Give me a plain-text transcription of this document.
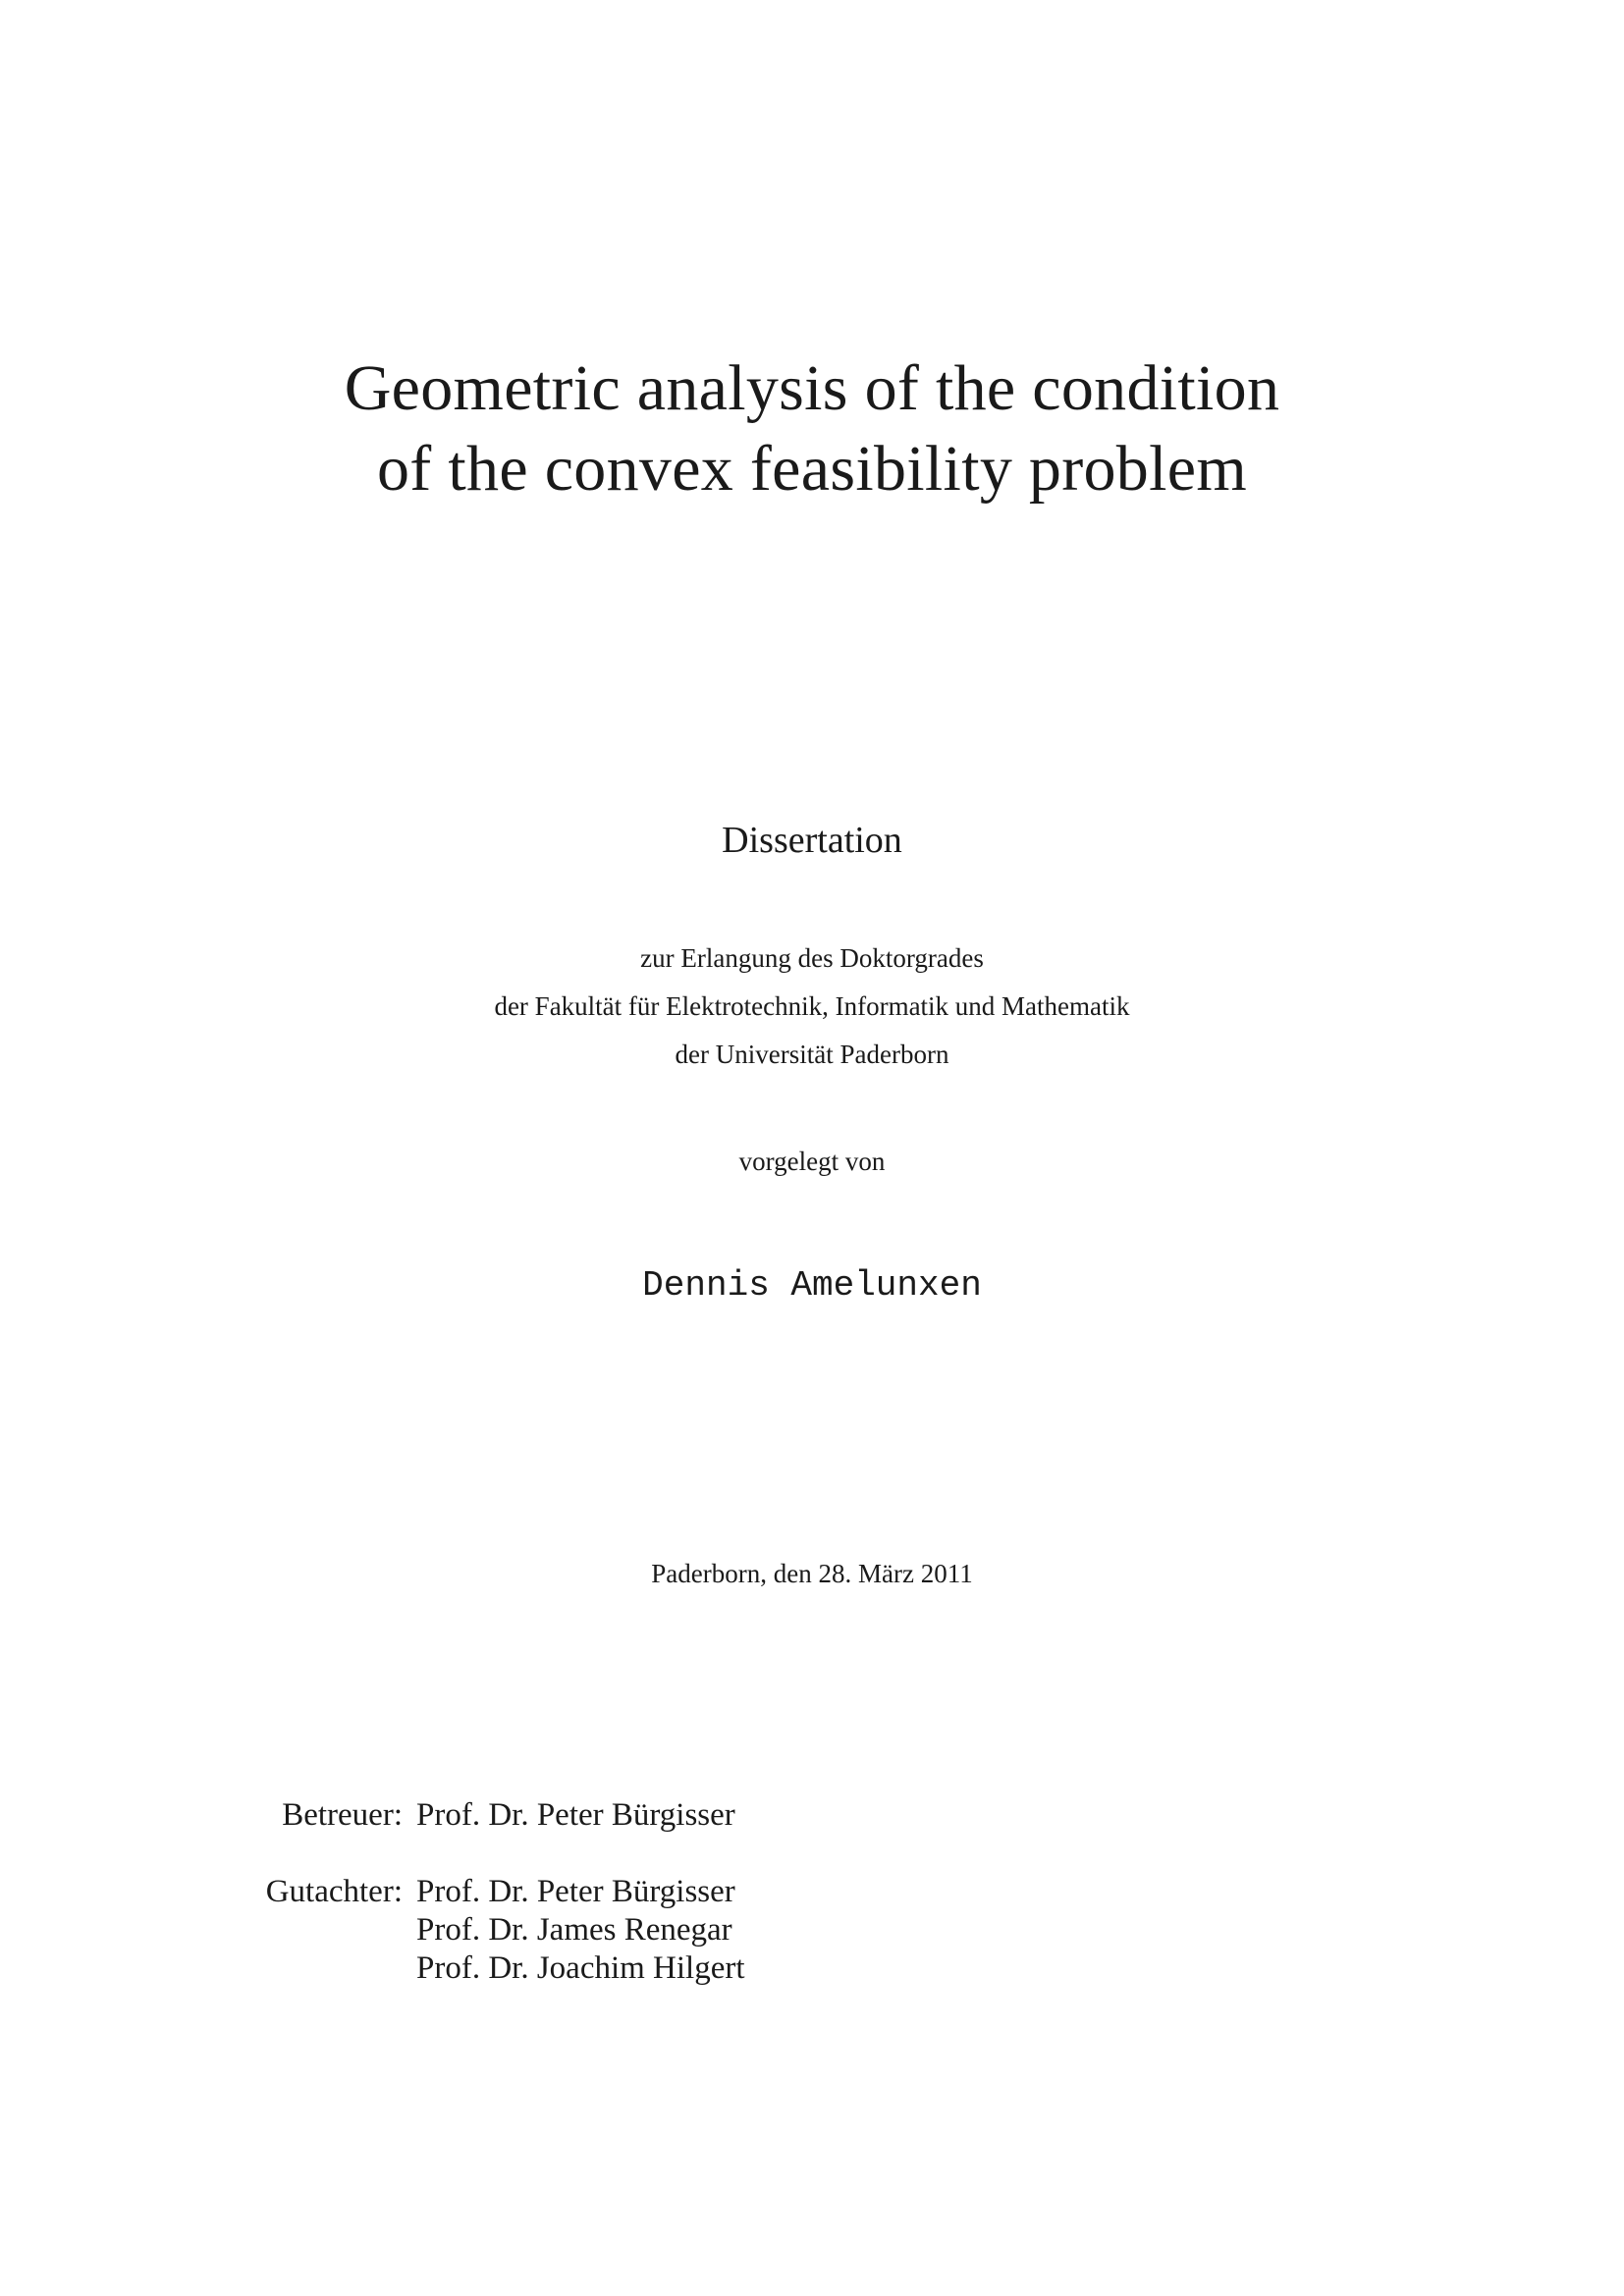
Geometric analysis of the condition
of the convex feasibility problem
Dissertation
zur Erlangung des Doktorgrades
der Fakultät für Elektrotechnik, Informatik und Mathematik
der Universität Paderborn
vorgelegt von
Dennis Amelunxen
Paderborn, den 28. März 2011
Betreuer: Prof. Dr. Peter Bürgisser
Gutachter: Prof. Dr. Peter Bürgisser
Prof. Dr. James Renegar
Prof. Dr. Joachim Hilgert
